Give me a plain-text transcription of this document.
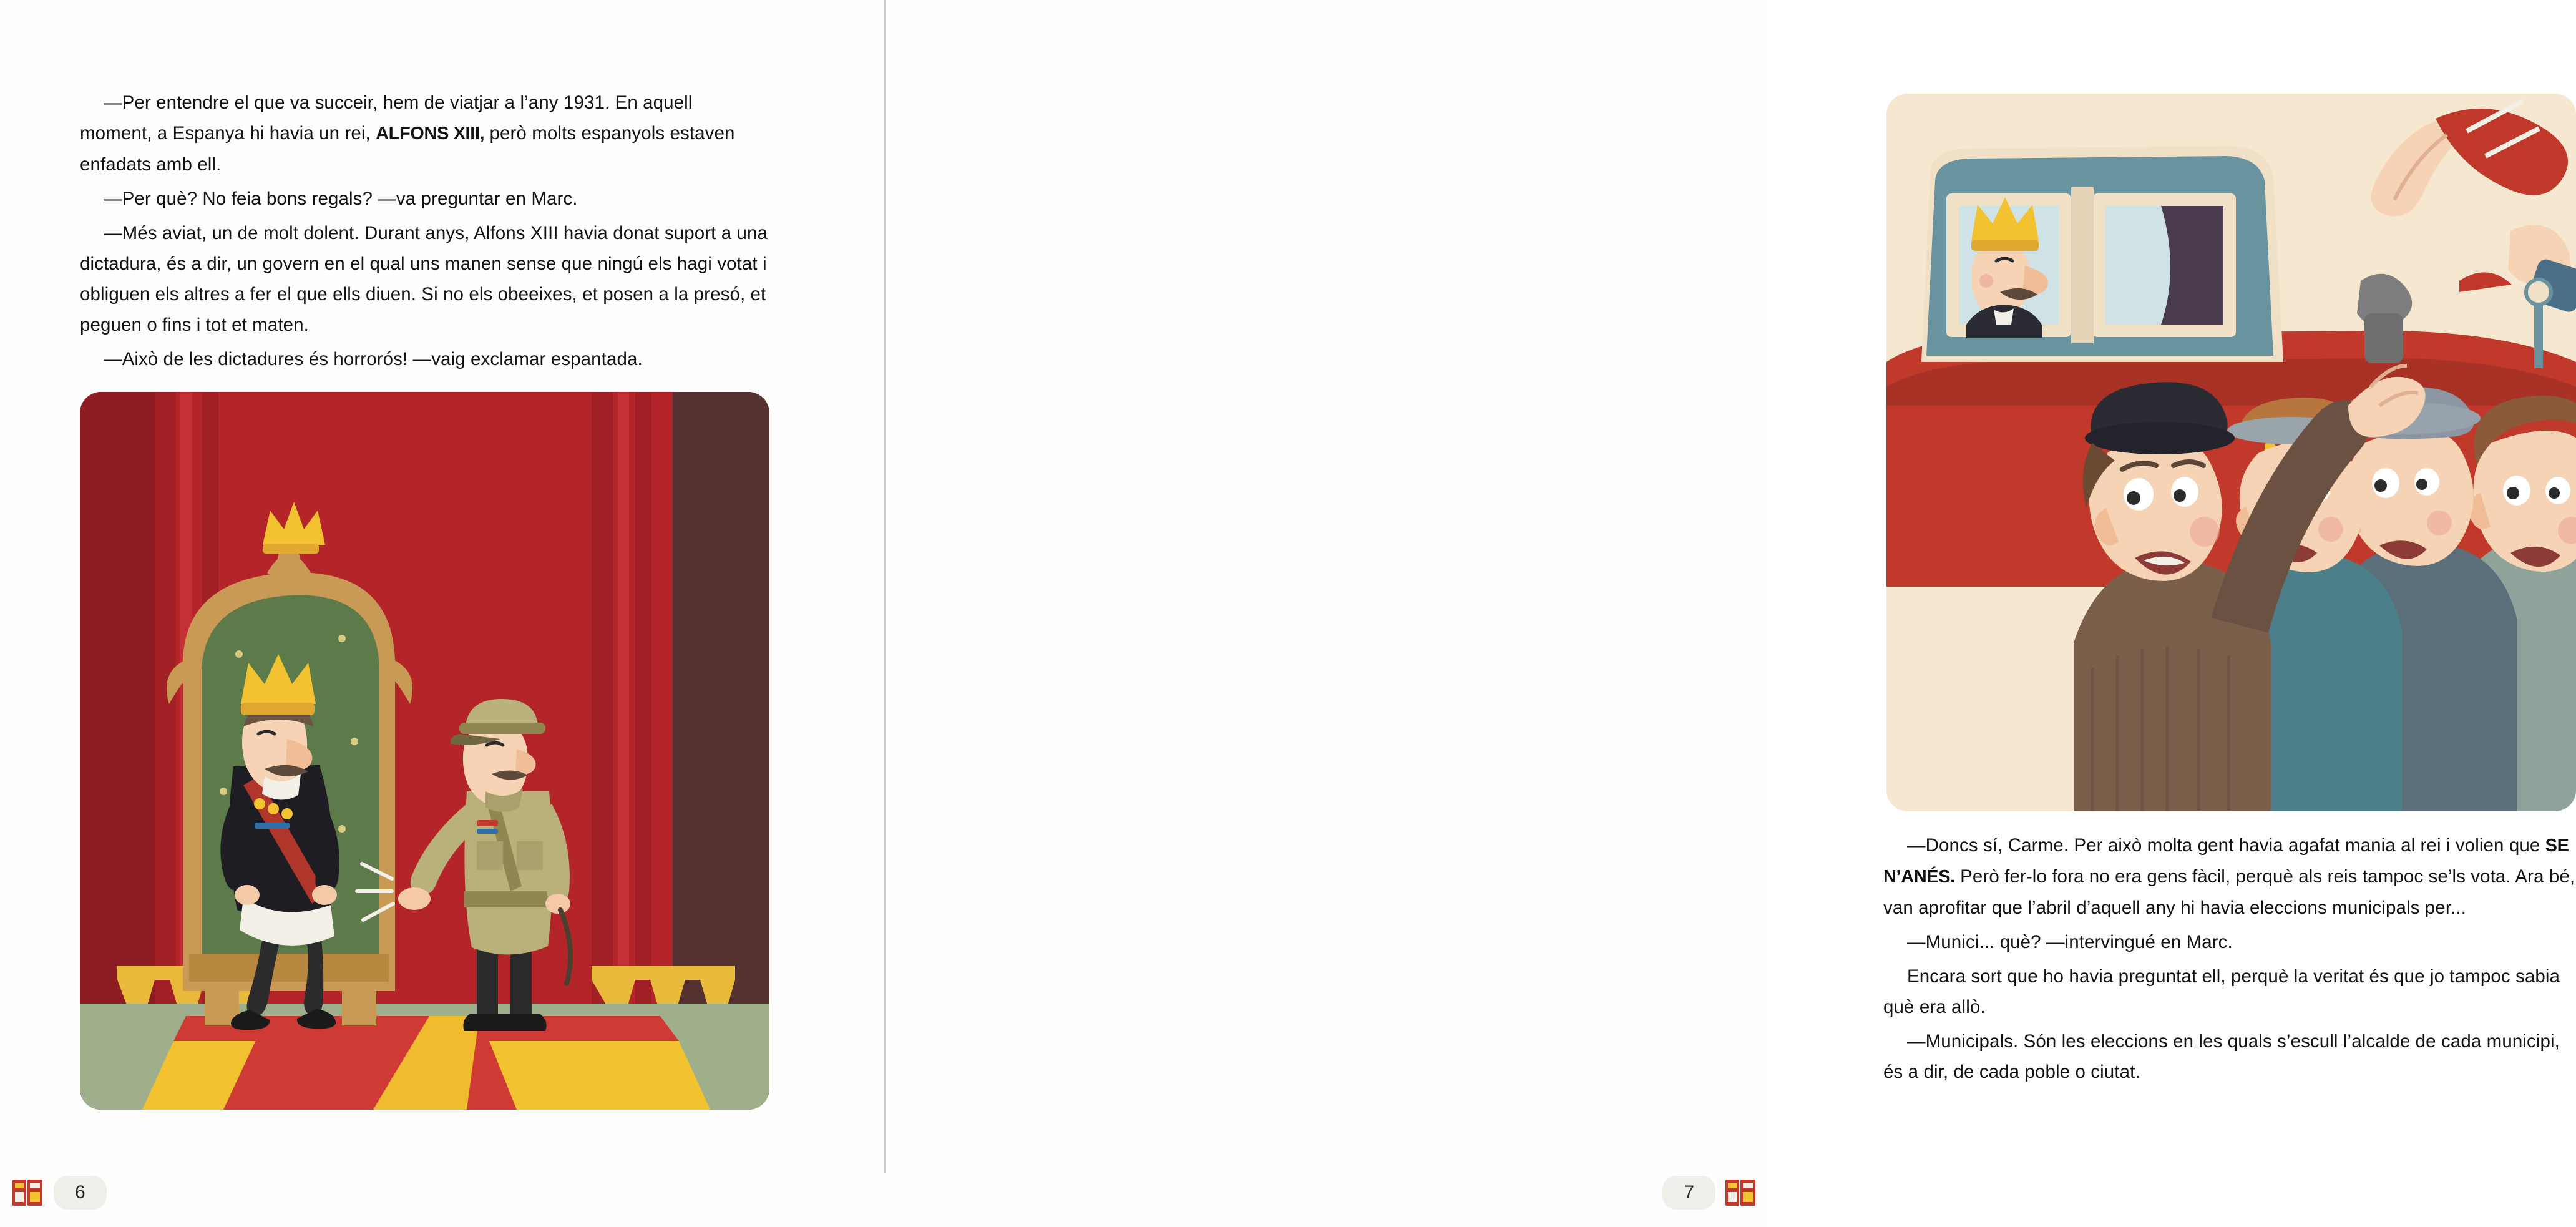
—Per entendre el que va succeir, hem de viatjar a l’any 1931. En aquell moment, a Espanya hi havia un rei, ALFONS XIII, però molts espanyols estaven enfadats amb ell.

—Per què? No feia bons regals? —va preguntar en Marc.

—Més aviat, un de molt dolent. Durant anys, Alfons XIII havia donat suport a una dictadura, és a dir, un govern en el qual uns manen sense que ningú els hagi votat i obliguen els altres a fer el que ells diuen. Si no els obeeixes, et posen a la presó, et peguen o fins i tot et maten.

—Això de les dictadures és horrorós! —vaig exclamar espantada.

6

—Doncs sí, Carme. Per això molta gent havia agafat mania al rei i volien que SE N’ANÉS. Però fer-lo fora no era gens fàcil, perquè als reis tampoc se’ls vota. Ara bé, van aprofitar que l’abril d’aquell any hi havia eleccions municipals per...

—Munici... què? —intervingué en Marc.

Encara sort que ho havia preguntat ell, perquè la veritat és que jo tampoc sabia què era allò.

—Municipals. Són les eleccions en les quals s’escull l’alcalde de cada municipi, és a dir, de cada poble o ciutat.

7
